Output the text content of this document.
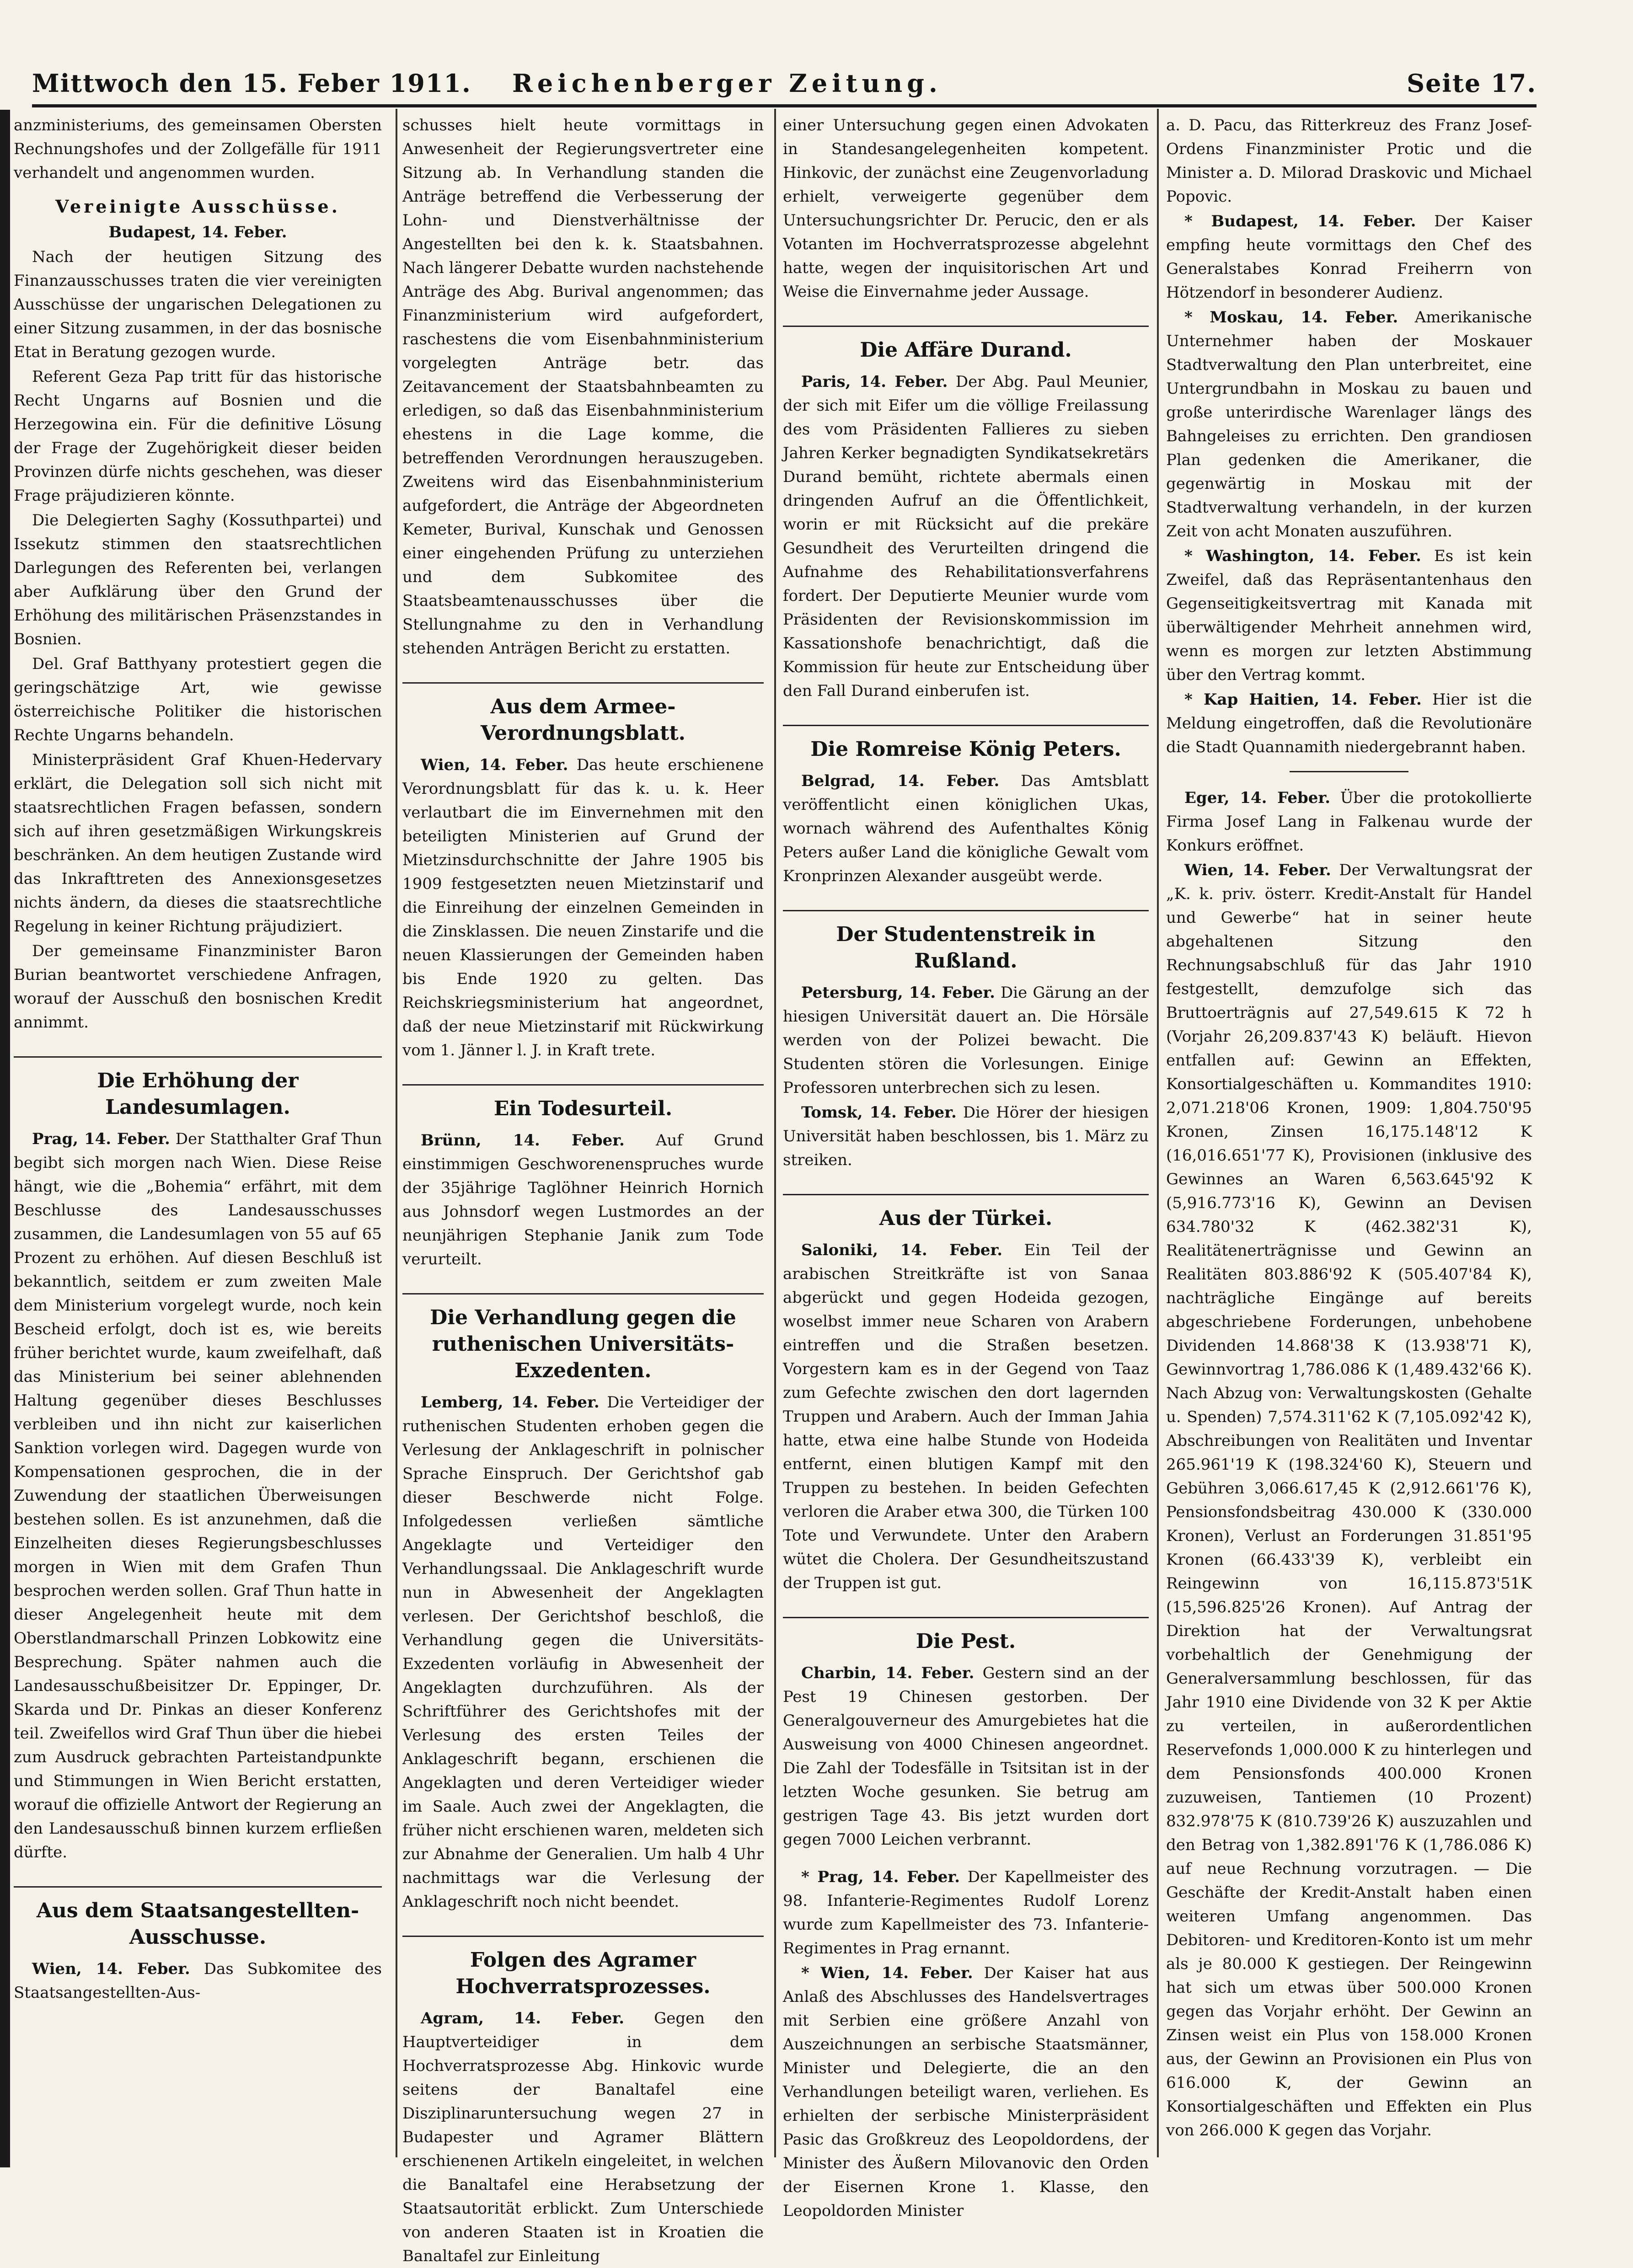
Mittwoch den 15. Feber 1911. Reichenberger Zeitung.	Seite 17.

anzministeriums, des gemeinsamen Obersten Rechnungshofes und der Zollgefälle für 1911 verhandelt und angenommen wurden.

Vereinigte Ausschüsse.

Budapest, 14. Feber.

Nach der heutigen Sitzung des Finanzausschusses traten die vier vereinigten Ausschüsse der ungarischen Delegationen zu einer Sitzung zusammen, in der das bosnische Etat in Beratung gezogen wurde.

Referent Geza Pap tritt für das historische Recht Ungarns auf Bosnien und die Herzegowina ein. Für die definitive Lösung der Frage der Zugehörigkeit dieser beiden Provinzen dürfe nichts geschehen, was dieser Frage präjudizieren könnte.

Die Delegierten Saghy (Kossuthpartei) und Issekutz stimmen den staatsrechtlichen Darlegungen des Referenten bei, verlangen aber Aufklärung über den Grund der Erhöhung des militärischen Präsenzstandes in Bosnien.

Del. Graf Batthyany protestiert gegen die geringschätzige Art, wie gewisse österreichische Politiker die historischen Rechte Ungarns behandeln.

Ministerpräsident Graf Khuen-Hedervary erklärt, die Delegation soll sich nicht mit staatsrechtlichen Fragen befassen, sondern sich auf ihren gesetzmäßigen Wirkungskreis beschränken. An dem heutigen Zustande wird das Inkrafttreten des Annexionsgesetzes nichts ändern, da dieses die staatsrechtliche Regelung in keiner Richtung präjudiziert.

Der gemeinsame Finanzminister Baron Burian beantwortet verschiedene Anfragen, worauf der Ausschuß den bosnischen Kredit annimmt.

Die Erhöhung der Landesumlagen.

Prag, 14. Feber. Der Statthalter Graf Thun begibt sich morgen nach Wien. Diese Reise hängt, wie die „Bohemia“ erfährt, mit dem Beschlusse des Landesausschusses zusammen, die Landesumlagen von 55 auf 65 Prozent zu erhöhen. Auf diesen Beschluß ist bekanntlich, seitdem er zum zweiten Male dem Ministerium vorgelegt wurde, noch kein Bescheid erfolgt, doch ist es, wie bereits früher berichtet wurde, kaum zweifelhaft, daß das Ministerium bei seiner ablehnenden Haltung gegenüber dieses Beschlusses verbleiben und ihn nicht zur kaiserlichen Sanktion vorlegen wird. Dagegen wurde von Kompensationen gesprochen, die in der Zuwendung der staatlichen Überweisungen bestehen sollen. Es ist anzunehmen, daß die Einzelheiten dieses Regierungsbeschlusses morgen in Wien mit dem Grafen Thun besprochen werden sollen. Graf Thun hatte in dieser Angelegenheit heute mit dem Oberstlandmarschall Prinzen Lobkowitz eine Besprechung. Später nahmen auch die Landesausschußbeisitzer Dr. Eppinger, Dr. Skarda und Dr. Pinkas an dieser Konferenz teil. Zweifellos wird Graf Thun über die hiebei zum Ausdruck gebrachten Parteistandpunkte und Stimmungen in Wien Bericht erstatten, worauf die offizielle Antwort der Regierung an den Landesausschuß binnen kurzem erfließen dürfte.

Aus dem Staatsangestellten-Ausschusse.

Wien, 14. Feber. Das Subkomitee des Staatsangestellten-Aus-

schusses hielt heute vormittags in Anwesenheit der Regierungsvertreter eine Sitzung ab. In Verhandlung standen die Anträge betreffend die Verbesserung der Lohn- und Dienstverhältnisse der Angestellten bei den k. k. Staatsbahnen. Nach längerer Debatte wurden nachstehende Anträge des Abg. Burival angenommen; das Finanzministerium wird aufgefordert, raschestens die vom Eisenbahnministerium vorgelegten Anträge betr. das Zeitavancement der Staatsbahnbeamten zu erledigen, so daß das Eisenbahnministerium ehestens in die Lage komme, die betreffenden Verordnungen herauszugeben. Zweitens wird das Eisenbahnministerium aufgefordert, die Anträge der Abgeordneten Kemeter, Burival, Kunschak und Genossen einer eingehenden Prüfung zu unterziehen und dem Subkomitee des Staatsbeamtenausschusses über die Stellungnahme zu den in Verhandlung stehenden Anträgen Bericht zu erstatten.

Aus dem Armee-Verordnungsblatt.

Wien, 14. Feber. Das heute erschienene Verordnungsblatt für das k. u. k. Heer verlautbart die im Einvernehmen mit den beteiligten Ministerien auf Grund der Mietzinsdurchschnitte der Jahre 1905 bis 1909 festgesetzten neuen Mietzinstarif und die Einreihung der einzelnen Gemeinden in die Zinsklassen. Die neuen Zinstarife und die neuen Klassierungen der Gemeinden haben bis Ende 1920 zu gelten. Das Reichskriegsministerium hat angeordnet, daß der neue Mietzinstarif mit Rückwirkung vom 1. Jänner l. J. in Kraft trete.

Ein Todesurteil.

Brünn, 14. Feber. Auf Grund einstimmigen Geschworenenspruches wurde der 35jährige Taglöhner Heinrich Hornich aus Johnsdorf wegen Lustmordes an der neunjährigen Stephanie Janik zum Tode verurteilt.

Die Verhandlung gegen die ruthenischen Universitäts-Exzedenten.

Lemberg, 14. Feber. Die Verteidiger der ruthenischen Studenten erhoben gegen die Verlesung der Anklageschrift in polnischer Sprache Einspruch. Der Gerichtshof gab dieser Beschwerde nicht Folge. Infolgedessen verließen sämtliche Angeklagte und Verteidiger den Verhandlungssaal. Die Anklageschrift wurde nun in Abwesenheit der Angeklagten verlesen. Der Gerichtshof beschloß, die Verhandlung gegen die Universitäts-Exzedenten vorläufig in Abwesenheit der Angeklagten durchzuführen. Als der Schriftführer des Gerichtshofes mit der Verlesung des ersten Teiles der Anklageschrift begann, erschienen die Angeklagten und deren Verteidiger wieder im Saale. Auch zwei der Angeklagten, die früher nicht erschienen waren, meldeten sich zur Abnahme der Generalien. Um halb 4 Uhr nachmittags war die Verlesung der Anklageschrift noch nicht beendet.

Folgen des Agramer Hochverratsprozesses.

Agram, 14. Feber. Gegen den Hauptverteidiger in dem Hochverratsprozesse Abg. Hinkovic wurde seitens der Banaltafel eine Disziplinaruntersuchung wegen 27 in Budapester und Agramer Blättern erschienenen Artikeln eingeleitet, in welchen die Banaltafel eine Herabsetzung der Staatsautorität erblickt. Zum Unterschiede von anderen Staaten ist in Kroatien die Banaltafel zur Einleitung

einer Untersuchung gegen einen Advokaten in Standesangelegenheiten kompetent. Hinkovic, der zunächst eine Zeugenvorladung erhielt, verweigerte gegenüber dem Untersuchungsrichter Dr. Perucic, den er als Votanten im Hochverratsprozesse abgelehnt hatte, wegen der inquisitorischen Art und Weise die Einvernahme jeder Aussage.

Die Affäre Durand.

Paris, 14. Feber. Der Abg. Paul Meunier, der sich mit Eifer um die völlige Freilassung des vom Präsidenten Fallieres zu sieben Jahren Kerker begnadigten Syndikatsekretärs Durand bemüht, richtete abermals einen dringenden Aufruf an die Öffentlichkeit, worin er mit Rücksicht auf die prekäre Gesundheit des Verurteilten dringend die Aufnahme des Rehabilitationsverfahrens fordert. Der Deputierte Meunier wurde vom Präsidenten der Revisionskommission im Kassationshofe benachrichtigt, daß die Kommission für heute zur Entscheidung über den Fall Durand einberufen ist.

Die Romreise König Peters.

Belgrad, 14. Feber. Das Amtsblatt veröffentlicht einen königlichen Ukas, wornach während des Aufenthaltes König Peters außer Land die königliche Gewalt vom Kronprinzen Alexander ausgeübt werde.

Der Studentenstreik in Rußland.

Petersburg, 14. Feber. Die Gärung an der hiesigen Universität dauert an. Die Hörsäle werden von der Polizei bewacht. Die Studenten stören die Vorlesungen. Einige Professoren unterbrechen sich zu lesen.

Tomsk, 14. Feber. Die Hörer der hiesigen Universität haben beschlossen, bis 1. März zu streiken.

Aus der Türkei.

Saloniki, 14. Feber. Ein Teil der arabischen Streitkräfte ist von Sanaa abgerückt und gegen Hodeida gezogen, woselbst immer neue Scharen von Arabern eintreffen und die Straßen besetzen. Vorgestern kam es in der Gegend von Taaz zum Gefechte zwischen den dort lagernden Truppen und Arabern. Auch der Imman Jahia hatte, etwa eine halbe Stunde von Hodeida entfernt, einen blutigen Kampf mit den Truppen zu bestehen. In beiden Gefechten verloren die Araber etwa 300, die Türken 100 Tote und Verwundete. Unter den Arabern wütet die Cholera. Der Gesundheitszustand der Truppen ist gut.

Die Pest.

Charbin, 14. Feber. Gestern sind an der Pest 19 Chinesen gestorben. Der Generalgouverneur des Amurgebietes hat die Ausweisung von 4000 Chinesen angeordnet. Die Zahl der Todesfälle in Tsitsitan ist in der letzten Woche gesunken. Sie betrug am gestrigen Tage 43. Bis jetzt wurden dort gegen 7000 Leichen verbrannt.

* Prag, 14. Feber. Der Kapellmeister des 98. Infanterie-Regimentes Rudolf Lorenz wurde zum Kapellmeister des 73. Infanterie-Regimentes in Prag ernannt.

* Wien, 14. Feber. Der Kaiser hat aus Anlaß des Abschlusses des Handelsvertrages mit Serbien eine größere Anzahl von Auszeichnungen an serbische Staatsmänner, Minister und Delegierte, die an den Verhandlungen beteiligt waren, verliehen. Es erhielten der serbische Ministerpräsident Pasic das Großkreuz des Leopoldordens, der Minister des Äußern Milovanovic den Orden der Eisernen Krone 1. Klasse, den Leopoldorden Minister

a. D. Pacu, das Ritterkreuz des Franz Josef-Ordens Finanzminister Protic und die Minister a. D. Milorad Draskovic und Michael Popovic.

* Budapest, 14. Feber. Der Kaiser empfing heute vormittags den Chef des Generalstabes Konrad Freiherrn von Hötzendorf in besonderer Audienz.

* Moskau, 14. Feber. Amerikanische Unternehmer haben der Moskauer Stadtverwaltung den Plan unterbreitet, eine Untergrundbahn in Moskau zu bauen und große unterirdische Warenlager längs des Bahngeleises zu errichten. Den grandiosen Plan gedenken die Amerikaner, die gegenwärtig in Moskau mit der Stadtverwaltung verhandeln, in der kurzen Zeit von acht Monaten auszuführen.

* Washington, 14. Feber. Es ist kein Zweifel, daß das Repräsentantenhaus den Gegenseitigkeitsvertrag mit Kanada mit überwältigender Mehrheit annehmen wird, wenn es morgen zur letzten Abstimmung über den Vertrag kommt.

* Kap Haitien, 14. Feber. Hier ist die Meldung eingetroffen, daß die Revolutionäre die Stadt Quannamith niedergebrannt haben.

Eger, 14. Feber. Über die protokollierte Firma Josef Lang in Falkenau wurde der Konkurs eröffnet.

Wien, 14. Feber. Der Verwaltungsrat der „K. k. priv. österr. Kredit-Anstalt für Handel und Gewerbe“ hat in seiner heute abgehaltenen Sitzung den Rechnungsabschluß für das Jahr 1910 festgestellt, demzufolge sich das Bruttoerträgnis auf 27,549.615 K 72 h (Vorjahr 26,209.837'43 K) beläuft. Hievon entfallen auf: Gewinn an Effekten, Konsortialgeschäften u. Kommandites 1910: 2,071.218'06 Kronen, 1909: 1,804.750'95 Kronen, Zinsen 16,175.148'12 K (16,016.651'77 K), Provisionen (inklusive des Gewinnes an Waren 6,563.645'92 K (5,916.773'16 K), Gewinn an Devisen 634.780'32 K (462.382'31 K), Realitätenerträgnisse und Gewinn an Realitäten 803.886'92 K (505.407'84 K), nachträgliche Eingänge auf bereits abgeschriebene Forderungen, unbehobene Dividenden 14.868'38 K (13.938'71 K), Gewinnvortrag 1,786.086 K (1,489.432'66 K). Nach Abzug von: Verwaltungskosten (Gehalte u. Spenden) 7,574.311'62 K (7,105.092'42 K), Abschreibungen von Realitäten und Inventar 265.961'19 K (198.324'60 K), Steuern und Gebühren 3,066.617,45 K (2,912.661'76 K), Pensionsfondsbeitrag 430.000 K (330.000 Kronen), Verlust an Forderungen 31.851'95 Kronen (66.433'39 K), verbleibt ein Reingewinn von 16,115.873'51K (15,596.825'26 Kronen). Auf Antrag der Direktion hat der Verwaltungsrat vorbehaltlich der Genehmigung der Generalversammlung beschlossen, für das Jahr 1910 eine Dividende von 32 K per Aktie zu verteilen, in außerordentlichen Reservefonds 1,000.000 K zu hinterlegen und dem Pensionsfonds 400.000 Kronen zuzuweisen, Tantiemen (10 Prozent) 832.978'75 K (810.739'26 K) auszuzahlen und den Betrag von 1,382.891'76 K (1,786.086 K) auf neue Rechnung vorzutragen. — Die Geschäfte der Kredit-Anstalt haben einen weiteren Umfang angenommen. Das Debitoren- und Kreditoren-Konto ist um mehr als je 80.000 K gestiegen. Der Reingewinn hat sich um etwas über 500.000 Kronen gegen das Vorjahr erhöht. Der Gewinn an Zinsen weist ein Plus von 158.000 Kronen aus, der Gewinn an Provisionen ein Plus von 616.000 K, der Gewinn an Konsortialgeschäften und Effekten ein Plus von 266.000 K gegen das Vorjahr.
